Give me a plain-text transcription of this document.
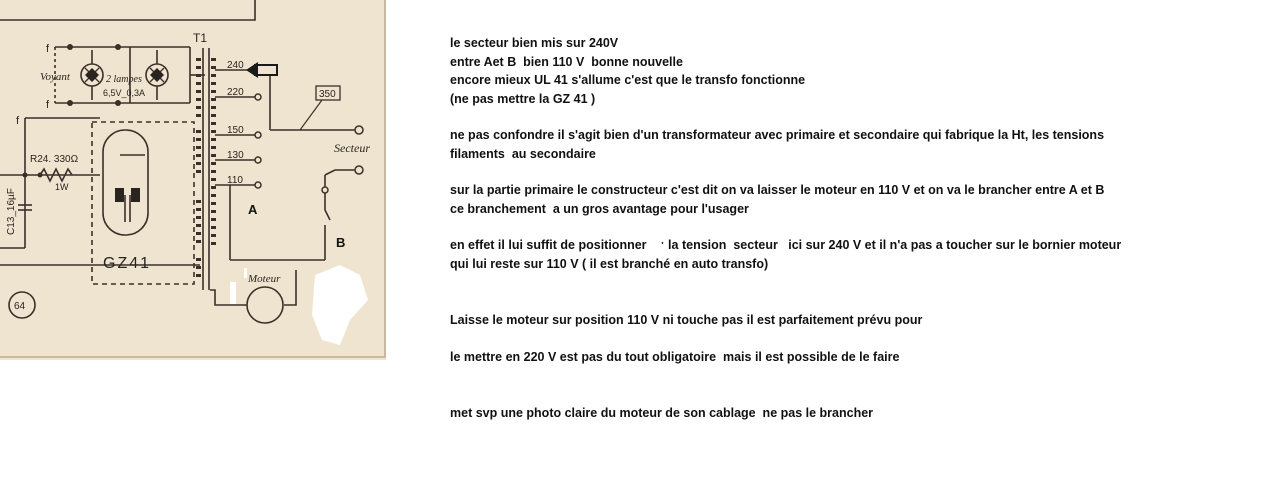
T1
240
220
150
130
110
350
Secteur
Voyant	2 lampes
6,5V_0,3A
R24. 330Ω
1W
C13_16µF
GZ41
Moteur
64
f
f
f
A
B
le secteur bien mis sur 240V
entre Aet B  bien 110 V  bonne nouvelle
encore mieux UL 41 s'allume c'est que le transfo fonctionne
(ne pas mettre la GZ 41 )
ne pas confondre il s'agit bien d'un transformateur avec primaire et secondaire qui fabrique la Ht, les tensions
filaments  au secondaire
sur la partie primaire le constructeur c'est dit on va laisser le moteur en 110 V et on va le brancher entre A et B
ce branchement  a un gros avantage pour l'usager
en effet il lui suffit de positionner    ˑ la tension  secteur   ici sur 240 V et il n'a pas a toucher sur le bornier moteur
qui lui reste sur 110 V ( il est branché en auto transfo)
Laisse le moteur sur position 110 V ni touche pas il est parfaitement prévu pour
le mettre en 220 V est pas du tout obligatoire  mais il est possible de le faire
met svp une photo claire du moteur de son cablage  ne pas le brancher
